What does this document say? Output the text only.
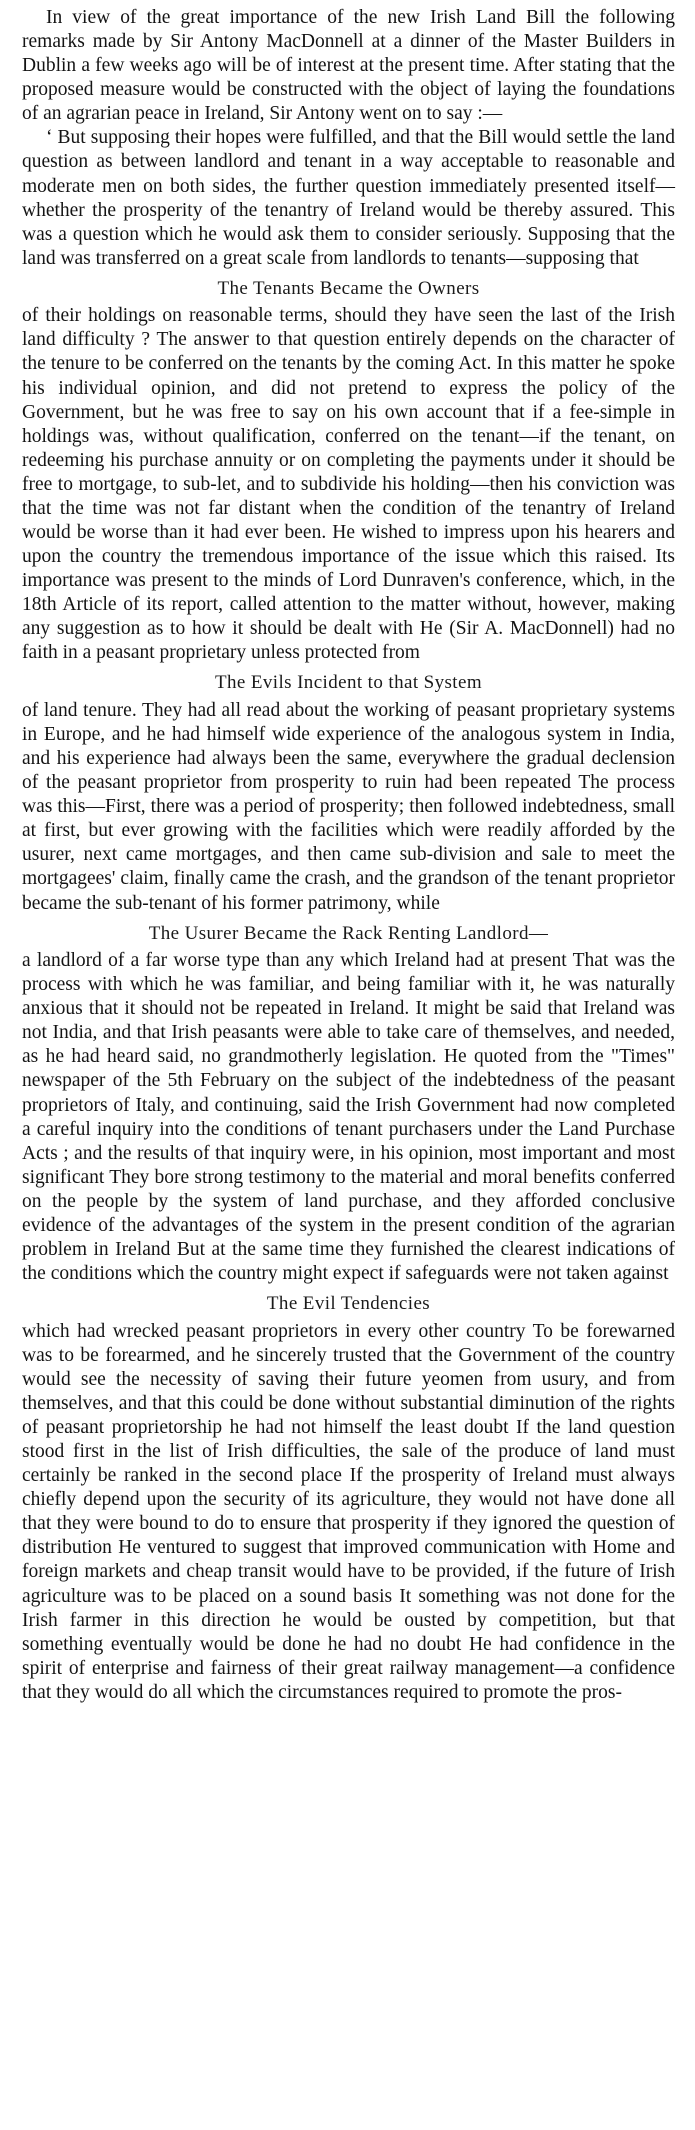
In view of the great importance of the new Irish Land Bill the following remarks made by Sir Antony MacDonnell at a dinner of the Master Builders in Dublin a few weeks ago will be of interest at the present time. After stating that the proposed measure would be constructed with the object of laying the foundations of an agrarian peace in Ireland, Sir Antony went on to say :—

‘ But supposing their hopes were fulfilled, and that the Bill would settle the land question as between landlord and tenant in a way acceptable to reasonable and moderate men on both sides, the further question immediately presented itself—whether the prosperity of the tenantry of Ireland would be thereby assured. This was a question which he would ask them to consider seriously. Supposing that the land was transferred on a great scale from landlords to tenants—supposing that

The Tenants Became the Owners

of their holdings on reasonable terms, should they have seen the last of the Irish land difficulty ? The answer to that question entirely depends on the character of the tenure to be conferred on the tenants by the coming Act. In this matter he spoke his individual opinion, and did not pretend to express the policy of the Government, but he was free to say on his own account that if a fee-simple in holdings was, without qualification, conferred on the tenant—if the tenant, on redeeming his purchase annuity or on completing the payments under it should be free to mortgage, to sub-let, and to subdivide his holding—then his conviction was that the time was not far distant when the condition of the tenantry of Ireland would be worse than it had ever been. He wished to impress upon his hearers and upon the country the tremendous importance of the issue which this raised. Its importance was present to the minds of Lord Dunraven's conference, which, in the 18th Article of its report, called attention to the matter without, however, making any suggestion as to how it should be dealt with He (Sir A. MacDonnell) had no faith in a peasant proprietary unless protected from

The Evils Incident to that System

of land tenure. They had all read about the working of peasant proprietary systems in Europe, and he had himself wide experience of the analogous system in India, and his experience had always been the same, everywhere the gradual declension of the peasant proprietor from prosperity to ruin had been repeated The process was this—First, there was a period of prosperity; then followed indebtedness, small at first, but ever growing with the facilities which were readily afforded by the usurer, next came mortgages, and then came sub-division and sale to meet the mortgagees' claim, finally came the crash, and the grandson of the tenant proprietor became the sub-tenant of his former patrimony, while

The Usurer Became the Rack Renting Landlord—

a landlord of a far worse type than any which Ireland had at present That was the process with which he was familiar, and being familiar with it, he was naturally anxious that it should not be repeated in Ireland. It might be said that Ireland was not India, and that Irish peasants were able to take care of themselves, and needed, as he had heard said, no grandmotherly legislation. He quoted from the "Times" newspaper of the 5th February on the subject of the indebtedness of the peasant proprietors of Italy, and continuing, said the Irish Government had now completed a careful inquiry into the conditions of tenant purchasers under the Land Purchase Acts ; and the results of that inquiry were, in his opinion, most important and most significant They bore strong testimony to the material and moral benefits conferred on the people by the system of land purchase, and they afforded conclusive evidence of the advantages of the system in the present condition of the agrarian problem in Ireland But at the same time they furnished the clearest indications of the conditions which the country might expect if safeguards were not taken against

The Evil Tendencies

which had wrecked peasant proprietors in every other country To be forewarned was to be forearmed, and he sincerely trusted that the Government of the country would see the necessity of saving their future yeomen from usury, and from themselves, and that this could be done without substantial diminution of the rights of peasant proprietorship he had not himself the least doubt If the land question stood first in the list of Irish difficulties, the sale of the produce of land must certainly be ranked in the second place If the prosperity of Ireland must always chiefly depend upon the security of its agriculture, they would not have done all that they were bound to do to ensure that prosperity if they ignored the question of distribution He ventured to suggest that improved communication with Home and foreign markets and cheap transit would have to be provided, if the future of Irish agriculture was to be placed on a sound basis It something was not done for the Irish farmer in this direction he would be ousted by competition, but that something eventually would be done he had no doubt He had confidence in the spirit of enterprise and fairness of their great railway management—a confidence that they would do all which the circumstances required to promote the pros-
